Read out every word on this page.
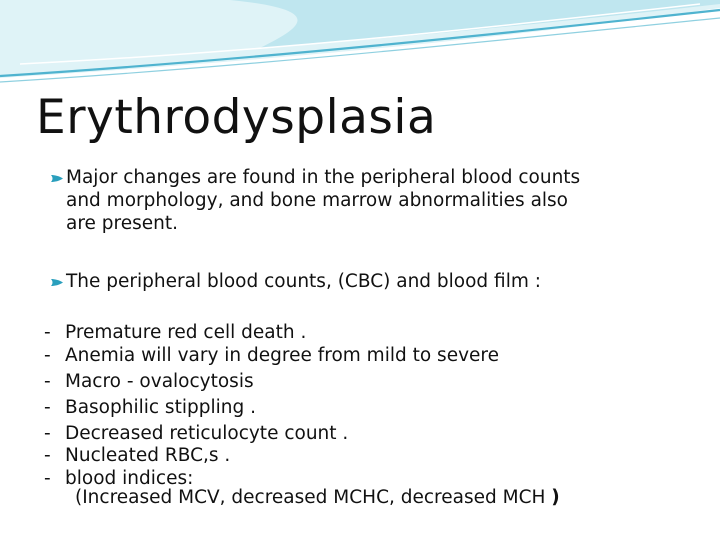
Erythrodysplasia
Major changes are found in the peripheral blood counts
and morphology, and bone marrow abnormalities also
are present.
The peripheral blood counts, (CBC) and blood film :
- Premature red cell death .
- Anemia will vary in degree from mild to severe
- Macro - ovalocytosis
- Basophilic stippling .
- Decreased reticulocyte count .
- Nucleated RBC,s .
- blood indices:
(Increased MCV, decreased MCHC, decreased MCH )
